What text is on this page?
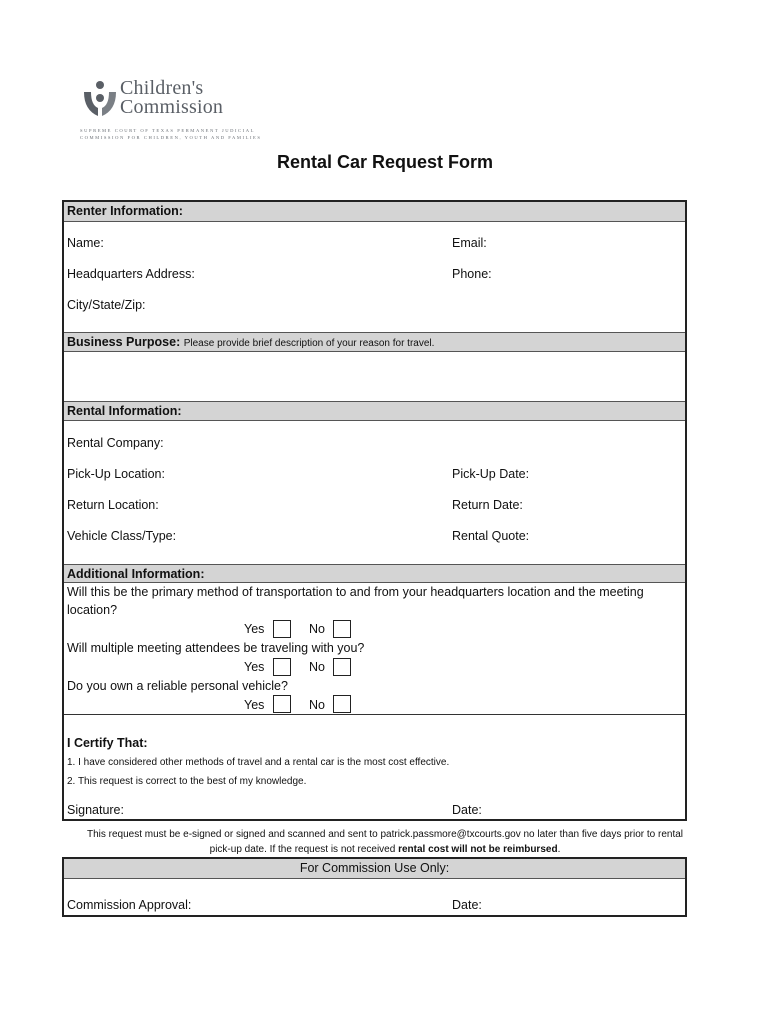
Children's
Commission
SUPREME COURT OF TEXAS PERMANENT JUDICIAL
COMMISSION FOR CHILDREN, YOUTH AND FAMILIES
Rental Car Request Form
Renter Information:
Name:	Email:
Headquarters Address:	Phone:
City/State/Zip:
Business Purpose: Please provide brief description of your reason for travel.
Rental Information:
Rental Company:
Pick-Up Location:	Pick-Up Date:
Return Location:	Return Date:
Vehicle Class/Type:	Rental Quote:
Additional Information:
Will this be the primary method of transportation to and from your headquarters location and the meeting
location?
Yes	No
Will multiple meeting attendees be traveling with you?
Yes	No
Do you own a reliable personal vehicle?
Yes	No
I Certify That:
1. I have considered other methods of travel and a rental car is the most cost effective.
2. This request is correct to the best of my knowledge.
Signature:	Date:
This request must be e-signed or signed and scanned and sent to patrick.passmore@txcourts.gov no later than five days prior to rental
pick-up date. If the request is not received rental cost will not be reimbursed.
For Commission Use Only:
Commission Approval:	Date:
